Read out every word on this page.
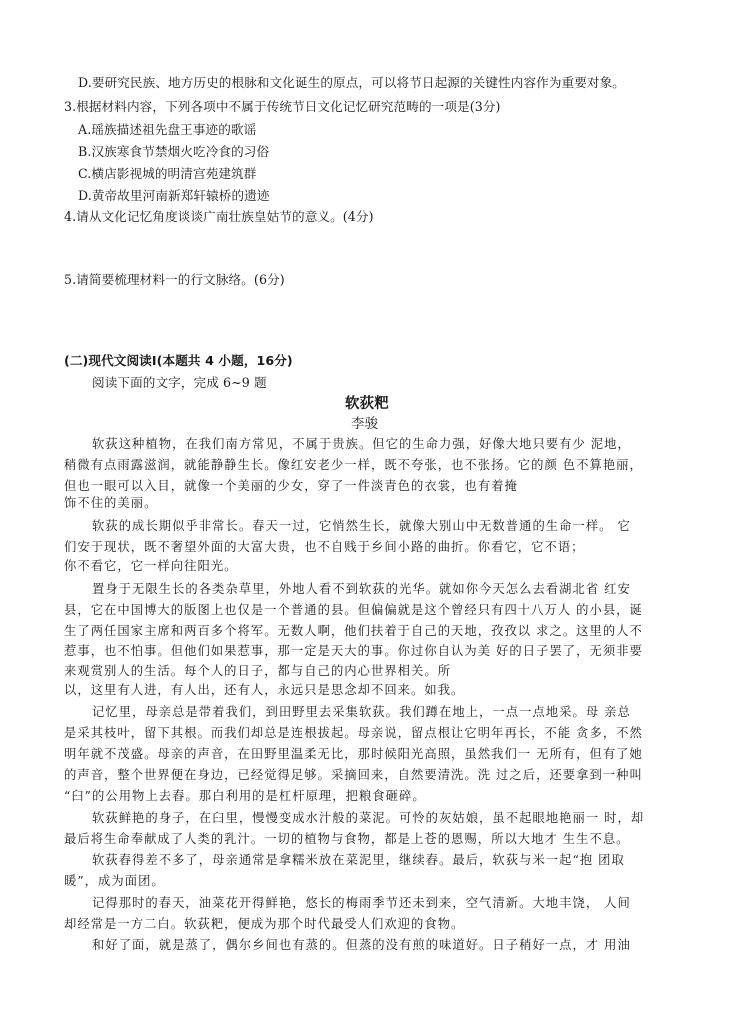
D.要研究民族、地方历史的根脉和文化诞生的原点，可以将节日起源的关键性内容作为重要对象。
3.根据材料内容，下列各项中不属于传统节日文化记忆研究范畴的一项是(3分)
A.瑶族描述祖先盘王事迹的歌谣
B.汉族寒食节禁烟火吃冷食的习俗
C.横店影视城的明清宫苑建筑群
D.黄帝故里河南新郑轩辕桥的遗迹
4.请从文化记忆角度谈谈广南壮族皇姑节的意义。(4分)
5.请简要梳理材料一的行文脉络。(6分)
(二)现代文阅读Ⅰ(本题共 4 小题，16分)
阅读下面的文字，完成 6~9 题
软荻粑
李骏
软荻这种植物，在我们南方常见，不属于贵族。但它的生命力强，好像大地只要有少 泥地，
稍微有点雨露滋润，就能静静生长。像红安老少一样，既不夸张，也不张扬。它的颜 色不算艳丽，
但也一眼可以入目，就像一个美丽的少女，穿了一件淡青色的衣裳，也有着掩
饰不住的美丽。
软荻的成长期似乎非常长。春天一过，它悄然生长，就像大别山中无数普通的生命一样。 它
们安于现状，既不奢望外面的大富大贵，也不自贱于乡间小路的曲折。你看它，它不语；
你不看它，它一样向往阳光。
置身于无限生长的各类杂草里，外地人看不到软荻的光华。就如你今天怎么去看湖北省 红安
县，它在中国博大的版图上也仅是一个普通的县。但偏偏就是这个曾经只有四十八万人 的小县，诞
生了两任国家主席和两百多个将军。无数人啊，他们扶着于自己的天地，孜孜以 求之。这里的人不
惹事，也不怕事。但他们如果惹事，那一定是天大的事。你过你自认为美 好的日子罢了，无须非要
来观赏别人的生活。每个人的日子，都与自己的内心世界相关。所
以，这里有人进，有人出，还有人，永远只是思念却不回来。如我。
记忆里，母亲总是带着我们，到田野里去采集软荻。我们蹲在地上，一点一点地采。母 亲总
是采其枝叶，留下其根。而我们却总是连根拔起。母亲说，留点根让它明年再长，不能 贪多，不然
明年就不茂盛。母亲的声音，在田野里温柔无比，那时候阳光高照，虽然我们一 无所有，但有了她
的声音，整个世界便在身边，已经觉得足够。采摘回来，自然要清洗。洗 过之后，还要拿到一种叫
“臼”的公用物上去舂。那白利用的是杠杆原理，把粮食砸碎。
软荻鲜艳的身子，在臼里，慢慢变成水汁般的菜泥。可怜的灰姑娘，虽不起眼地艳丽一 时，却
最后将生命奉献成了人类的乳汁。一切的植物与食物，都是上苍的恩赐，所以大地才 生生不息。
软荻舂得差不多了，母亲通常是拿糯米放在菜泥里，继续舂。最后，软荻与米一起“抱 团取
暖”，成为面团。
记得那时的春天，油菜花开得鲜艳，悠长的梅雨季节还未到来，空气清新。大地丰饶， 人间
却经常是一方二白。软荻粑，便成为那个时代最受人们欢迎的食物。
和好了面，就是蒸了，偶尔乡间也有蒸的。但蒸的没有煎的味道好。日子稍好一点，才 用油
